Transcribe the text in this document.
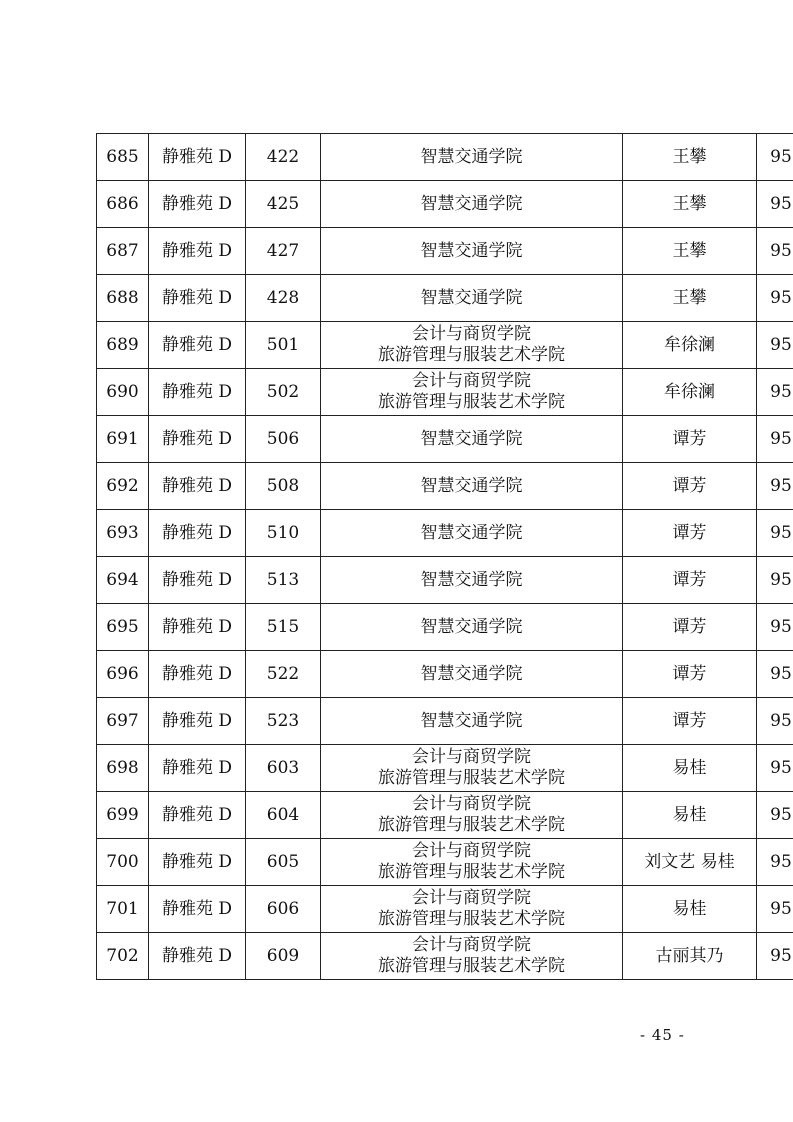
685	静雅苑 D	422	智慧交通学院	王攀	95
686	静雅苑 D	425	智慧交通学院	王攀	95
687	静雅苑 D	427	智慧交通学院	王攀	95
688	静雅苑 D	428	智慧交通学院	王攀	95
689	静雅苑 D	501	会计与商贸学院
旅游管理与服装艺术学院	牟徐澜	95
690	静雅苑 D	502	会计与商贸学院
旅游管理与服装艺术学院	牟徐澜	95
691	静雅苑 D	506	智慧交通学院	谭芳	95
692	静雅苑 D	508	智慧交通学院	谭芳	95
693	静雅苑 D	510	智慧交通学院	谭芳	95
694	静雅苑 D	513	智慧交通学院	谭芳	95
695	静雅苑 D	515	智慧交通学院	谭芳	95
696	静雅苑 D	522	智慧交通学院	谭芳	95
697	静雅苑 D	523	智慧交通学院	谭芳	95
698	静雅苑 D	603	会计与商贸学院
旅游管理与服装艺术学院	易桂	95
699	静雅苑 D	604	会计与商贸学院
旅游管理与服装艺术学院	易桂	95
700	静雅苑 D	605	会计与商贸学院
旅游管理与服装艺术学院	刘文艺 易桂	95
701	静雅苑 D	606	会计与商贸学院
旅游管理与服装艺术学院	易桂	95
702	静雅苑 D	609	会计与商贸学院
旅游管理与服装艺术学院	古丽其乃	95
- 45 -
